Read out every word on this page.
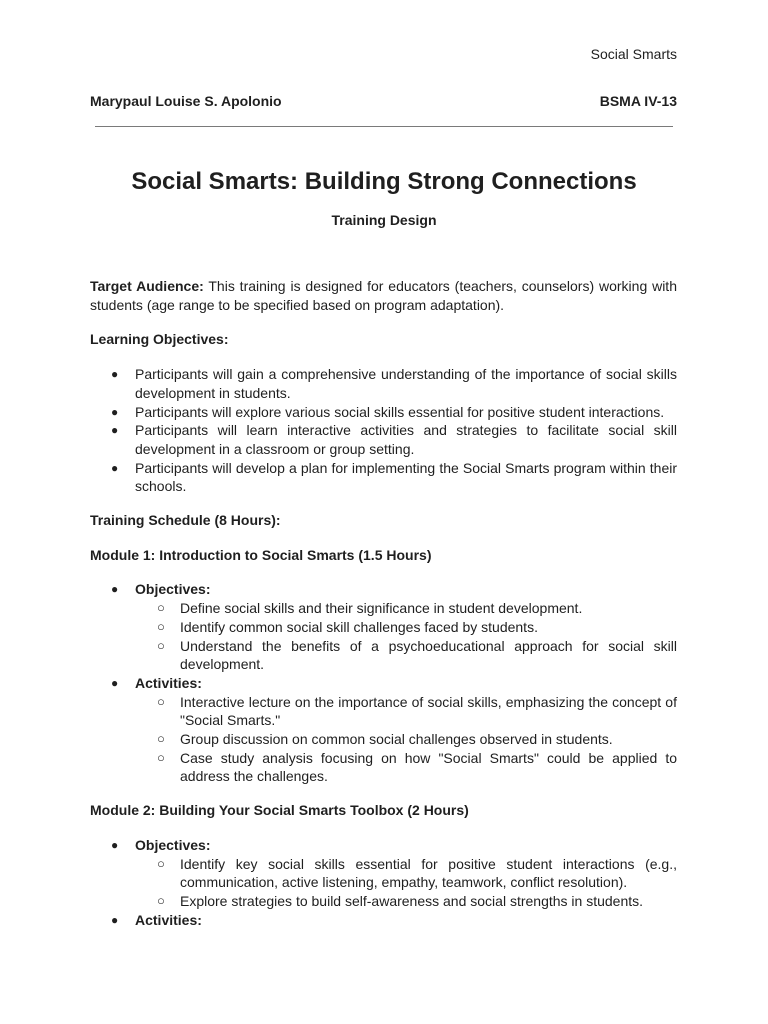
Social Smarts
Marypaul Louise S. Apolonio	BSMA IV-13
Social Smarts: Building Strong Connections
Training Design

Target Audience: This training is designed for educators (teachers, counselors) working with students (age range to be specified based on program adaptation).

Learning Objectives:
● Participants will gain a comprehensive understanding of the importance of social skills development in students.
● Participants will explore various social skills essential for positive student interactions.
● Participants will learn interactive activities and strategies to facilitate social skill development in a classroom or group setting.
● Participants will develop a plan for implementing the Social Smarts program within their schools.
Training Schedule (8 Hours):
Module 1: Introduction to Social Smarts (1.5 Hours)
● Objectives:
○ Define social skills and their significance in student development.
○ Identify common social skill challenges faced by students.
○ Understand the benefits of a psychoeducational approach for social skill development.
● Activities:
○ Interactive lecture on the importance of social skills, emphasizing the concept of "Social Smarts."
○ Group discussion on common social challenges observed in students.
○ Case study analysis focusing on how "Social Smarts" could be applied to address the challenges.
Module 2: Building Your Social Smarts Toolbox (2 Hours)
● Objectives:
○ Identify key social skills essential for positive student interactions (e.g., communication, active listening, empathy, teamwork, conflict resolution).
○ Explore strategies to build self-awareness and social strengths in students.
● Activities:
